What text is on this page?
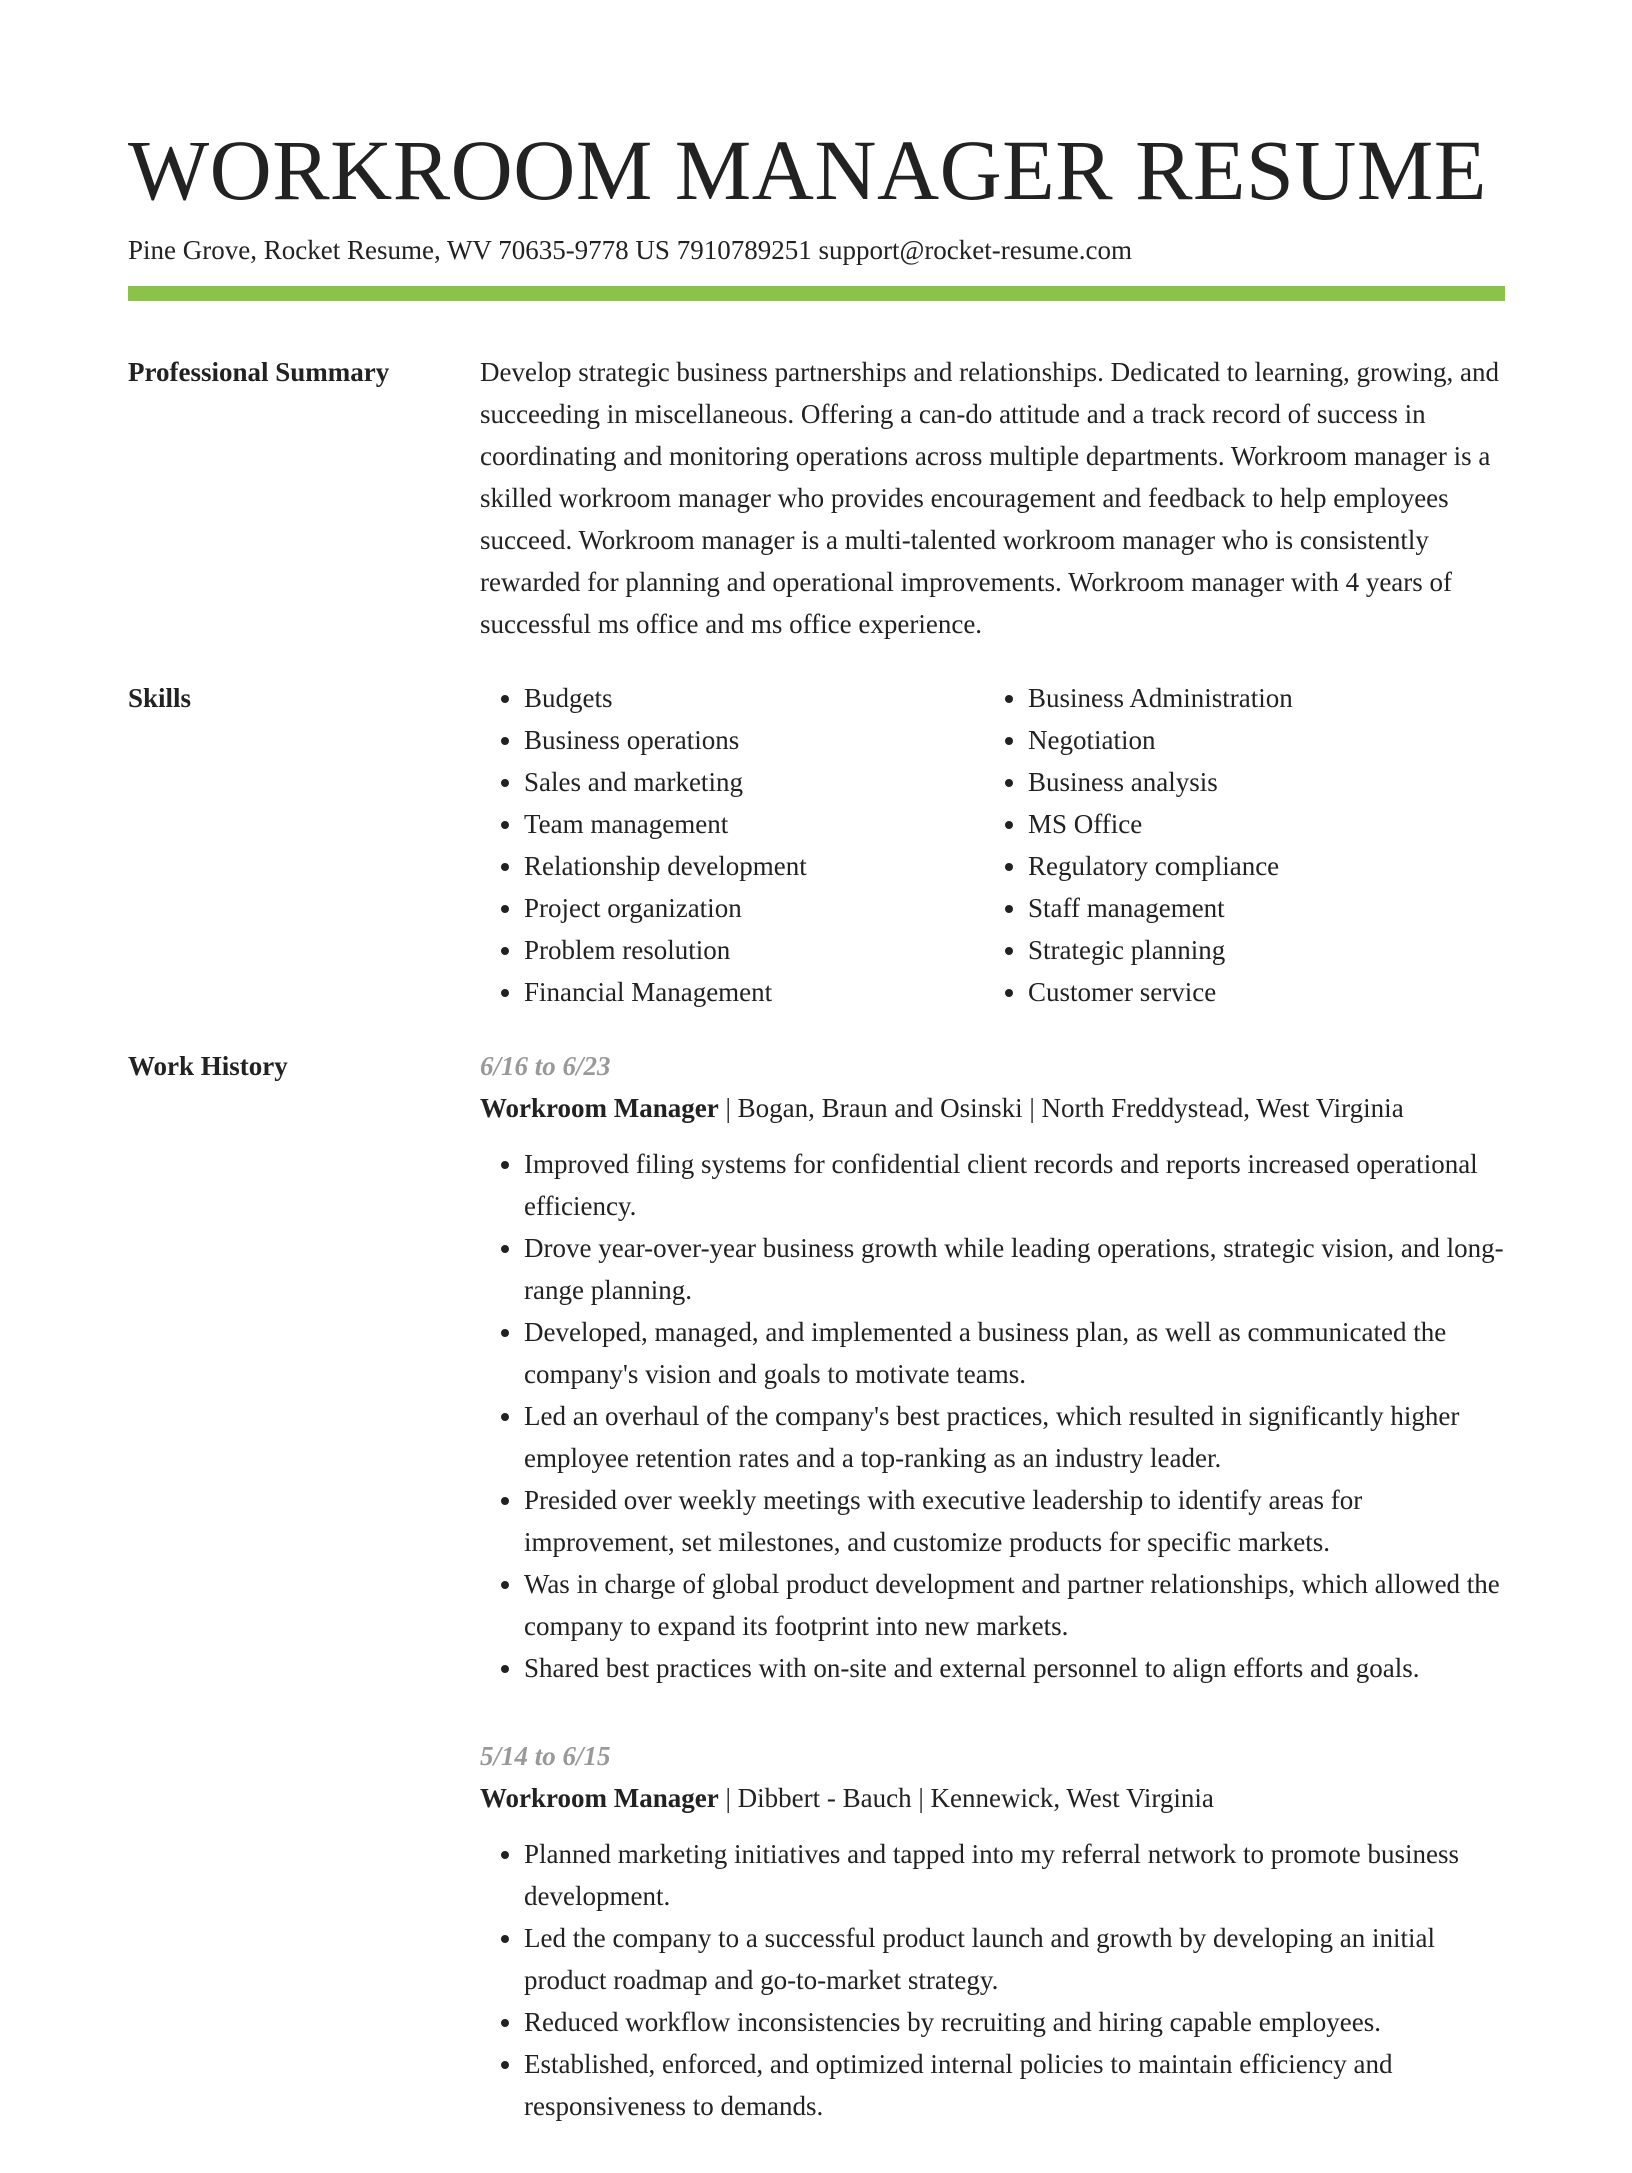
WORKROOM MANAGER RESUME
Pine Grove, Rocket Resume, WV 70635-9778 US 7910789251 support@rocket-resume.com
Professional Summary	Develop strategic business partnerships and relationships. Dedicated to learning, growing, and succeeding in miscellaneous. Offering a can-do attitude and a track record of success in coordinating and monitoring operations across multiple departments. Workroom manager is a skilled workroom manager who provides encouragement and feedback to help employees succeed. Workroom manager is a multi-talented workroom manager who is consistently rewarded for planning and operational improvements. Workroom manager with 4 years of successful ms office and ms office experience.
Skills
•	Budgets
• Business operations
• Sales and marketing
• Team management
• Relationship development
• Project organization
• Problem resolution
• Financial Management
• Business Administration
• Negotiation
• Business analysis
• MS Office
• Regulatory compliance
• Staff management
• Strategic planning
• Customer service
Work History	6/16 to 6/23
Workroom Manager | Bogan, Braun and Osinski | North Freddystead, West Virginia
• Improved filing systems for confidential client records and reports increased operational efficiency.
• Drove year-over-year business growth while leading operations, strategic vision, and long-range planning.
• Developed, managed, and implemented a business plan, as well as communicated the company's vision and goals to motivate teams.
• Led an overhaul of the company's best practices, which resulted in significantly higher employee retention rates and a top-ranking as an industry leader.
• Presided over weekly meetings with executive leadership to identify areas for improvement, set milestones, and customize products for specific markets.
• Was in charge of global product development and partner relationships, which allowed the company to expand its footprint into new markets.
• Shared best practices with on-site and external personnel to align efforts and goals.
5/14 to 6/15
Workroom Manager | Dibbert - Bauch | Kennewick, West Virginia
• Planned marketing initiatives and tapped into my referral network to promote business development.
• Led the company to a successful product launch and growth by developing an initial product roadmap and go-to-market strategy.
• Reduced workflow inconsistencies by recruiting and hiring capable employees.
• Established, enforced, and optimized internal policies to maintain efficiency and responsiveness to demands.
